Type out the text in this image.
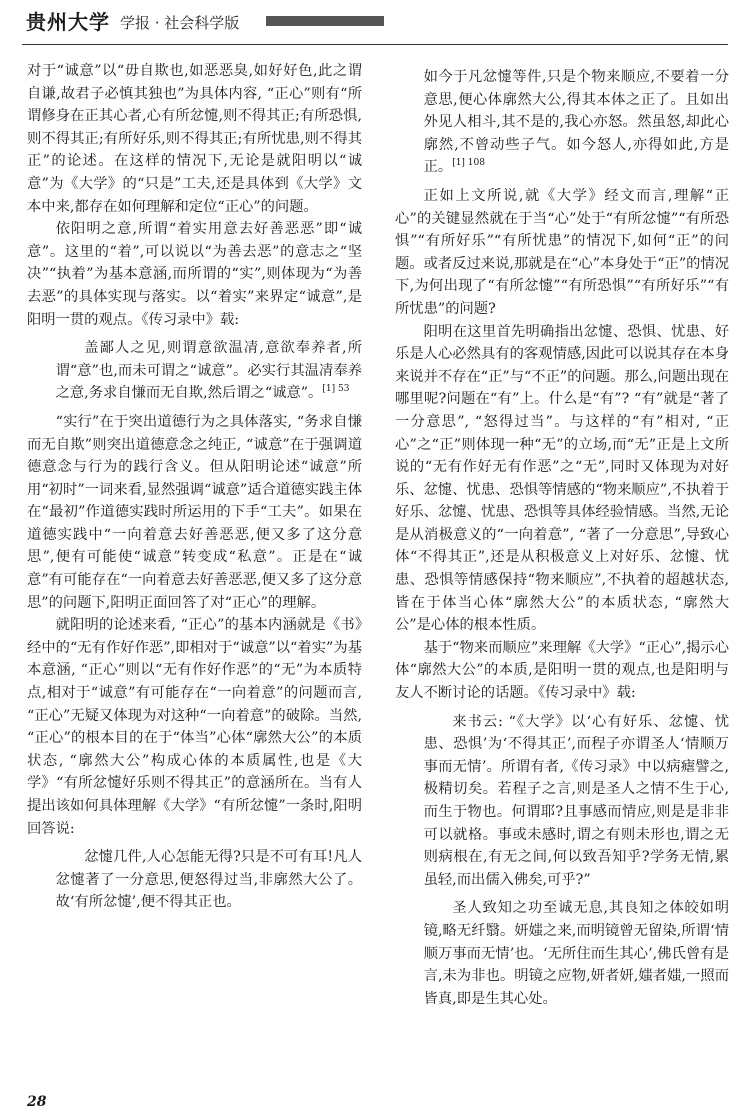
贵州大学 学报 · 社会科学版

对于“诚意”以“毋自欺也,如恶恶臭,如好好色,此之谓自谦,故君子必慎其独也”为具体内容, “正心”则有“所谓修身在正其心者,心有所忿懥,则不得其正;有所恐惧,则不得其正;有所好乐,则不得其正;有所忧患,则不得其正”的论述。在这样的情况下,无论是就阳明以“诚意”为《大学》的“只是”工夫,还是具体到《大学》文本中来,都存在如何理解和定位“正心”的问题。

依阳明之意,所谓“着实用意去好善恶恶”即“诚意”。这里的“着”,可以说以“为善去恶”的意志之“坚决”“执着”为基本意涵,而所谓的“实”,则体现为“为善去恶”的具体实现与落实。以“着实”来界定“诚意”,是阳明一贯的观点。《传习录中》载:

盖鄙人之见,则谓意欲温凊,意欲奉养者,所谓“意”也,而未可谓之“诚意”。必实行其温凊奉养之意,务求自慊而无自欺,然后谓之“诚意”。$^{[1] 53}$

“实行”在于突出道德行为之具体落实, “务求自慊而无自欺”则突出道德意念之纯正, “诚意”在于强调道德意念与行为的践行含义。但从阳明论述“诚意”所用“初时”一词来看,显然强调“诚意”适合道德实践主体在“最初”作道德实践时所运用的下手“工夫”。如果在道德实践中“一向着意去好善恶恶,便又多了这分意思”,便有可能使“诚意”转变成“私意”。正是在“诚意”有可能存在“一向着意去好善恶恶,便又多了这分意思”的问题下,阳明正面回答了对“正心”的理解。

就阳明的论述来看, “正心”的基本内涵就是《书》经中的“无有作好作恶”,即相对于“诚意”以“着实”为基本意涵, “正心”则以“无有作好作恶”的“无”为本质特点,相对于“诚意”有可能存在“一向着意”的问题而言, “正心”无疑又体现为对这种“一向着意”的破除。当然, “正心”的根本目的在于“体当”心体“廓然大公”的本质状态, “廓然大公”构成心体的本质属性,也是《大学》“有所忿懥好乐则不得其正”的意涵所在。当有人提出该如何具体理解《大学》“有所忿懥”一条时,阳明回答说:

忿懥几件,人心怎能无得?只是不可有耳!凡人忿懥著了一分意思,便怒得过当,非廓然大公了。故‘有所忿懥’,便不得其正也。

如今于凡忿懥等件,只是个物来顺应,不要着一分意思,便心体廓然大公,得其本体之正了。且如出外见人相斗,其不是的,我心亦怒。然虽怒,却此心廓然,不曾动些子气。如今怒人,亦得如此,方是正。$^{[1] 108}$

正如上文所说,就《大学》经文而言,理解“正心”的关键显然就在于当“心”处于“有所忿懥”“有所恐惧”“有所好乐”“有所忧患”的情况下,如何“正”的问题。或者反过来说,那就是在“心”本身处于“正”的情况下,为何出现了“有所忿懥”“有所恐惧”“有所好乐”“有所忧患”的问题?

阳明在这里首先明确指出忿懥、恐惧、忧患、好乐是人心必然具有的客观情感,因此可以说其存在本身来说并不存在“正”与“不正”的问题。那么,问题出现在哪里呢?问题在“有”上。什么是“有”? “有”就是“著了一分意思”, “怒得过当”。与这样的“有”相对, “正心”之“正”则体现一种“无”的立场,而“无”正是上文所说的“无有作好无有作恶”之“无”,同时又体现为对好乐、忿懥、忧患、恐惧等情感的“物来顺应”,不执着于好乐、忿懥、忧患、恐惧等具体经验情感。当然,无论是从消极意义的“一向着意”, “著了一分意思”,导致心体“不得其正”,还是从积极意义上对好乐、忿懥、忧患、恐惧等情感保持“物来顺应”,不执着的超越状态,皆在于体当心体“廓然大公”的本质状态, “廓然大公”是心体的根本性质。

基于“物来而顺应”来理解《大学》“正心”,揭示心体“廓然大公”的本质,是阳明一贯的观点,也是阳明与友人不断讨论的话题。《传习录中》载:

来书云: “《大学》以‘心有好乐、忿懥、忧患、恐惧’为‘不得其正’,而程子亦谓圣人‘情顺万事而无情’。所谓有者,《传习录》中以病瘧譬之,极精切矣。若程子之言,则是圣人之情不生于心,而生于物也。何谓耶?且事感而情应,则是是非非可以就格。事或未感时,谓之有则未形也,谓之无则病根在,有无之间,何以致吾知乎?学务无情,累虽轻,而出儒入佛矣,可乎?”

圣人致知之功至诚无息,其良知之体皎如明镜,略无纤翳。妍媸之来,而明镜曾无留染,所谓‘情顺万事而无情’也。‘无所住而生其心’,佛氏曾有是言,未为非也。明镜之应物,妍者妍,媸者媸,一照而皆真,即是生其心处。

28
